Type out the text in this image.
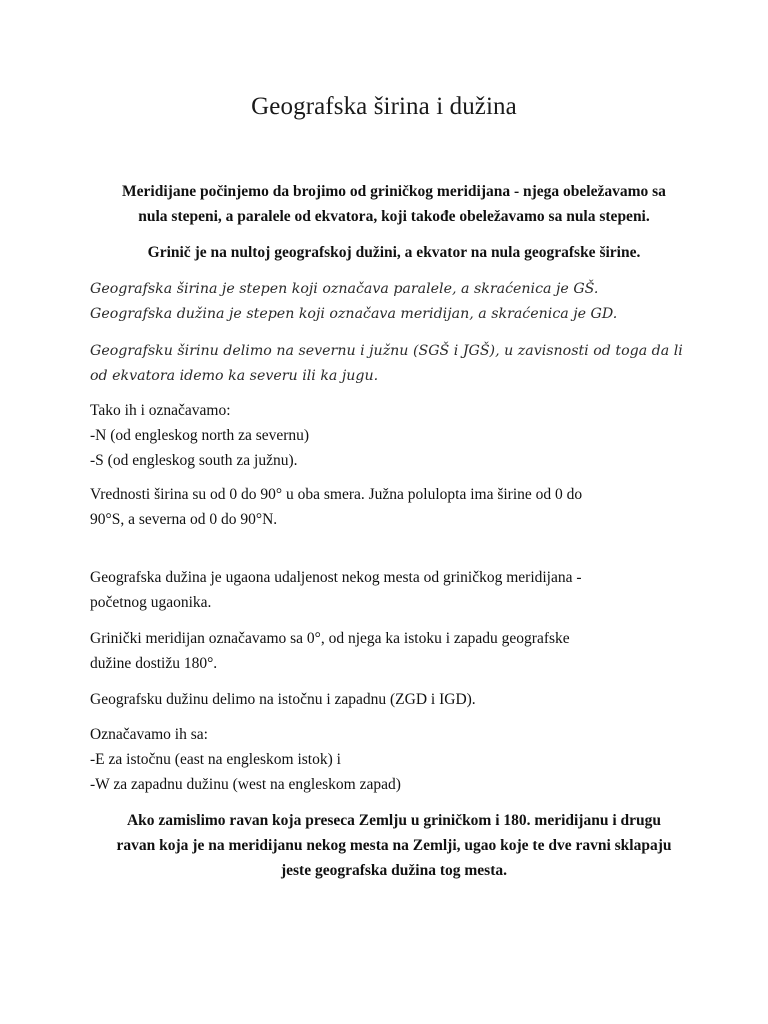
Geografska širina i dužina

Meridijane počinjemo da brojimo od griničkog meridijana - njega obeležavamo sa
nula stepeni, a paralele od ekvatora, koji takođe obeležavamo sa nula stepeni.

Grinič je na nultoj geografskoj dužini, a ekvator na nula geografske širine.

Geografska širina je stepen koji označava paralele, a skraćenica je GŠ.
Geografska dužina je stepen koji označava meridijan, a skraćenica je GD.

Geografsku širinu delimo na severnu i južnu (SGŠ i JGŠ), u zavisnosti od toga da li
od ekvatora idemo ka severu ili ka jugu.

Tako ih i označavamo:
-N (od engleskog north za severnu)
-S (od engleskog south za južnu).

Vrednosti širina su od 0 do 90° u oba smera. Južna polulopta ima širine od 0 do
90°S, a severna od 0 do 90°N.

Geografska dužina je ugaona udaljenost nekog mesta od griničkog meridijana -
početnog ugaonika.

Grinički meridijan označavamo sa 0°, od njega ka istoku i zapadu geografske
dužine dostižu 180°.

Geografsku dužinu delimo na istočnu i zapadnu (ZGD i IGD).

Označavamo ih sa:
-E za istočnu (east na engleskom istok) i
-W za zapadnu dužinu (west na engleskom zapad)

Ako zamislimo ravan koja preseca Zemlju u griničkom i 180. meridijanu i drugu
ravan koja je na meridijanu nekog mesta na Zemlji, ugao koje te dve ravni sklapaju
jeste geografska dužina tog mesta.
